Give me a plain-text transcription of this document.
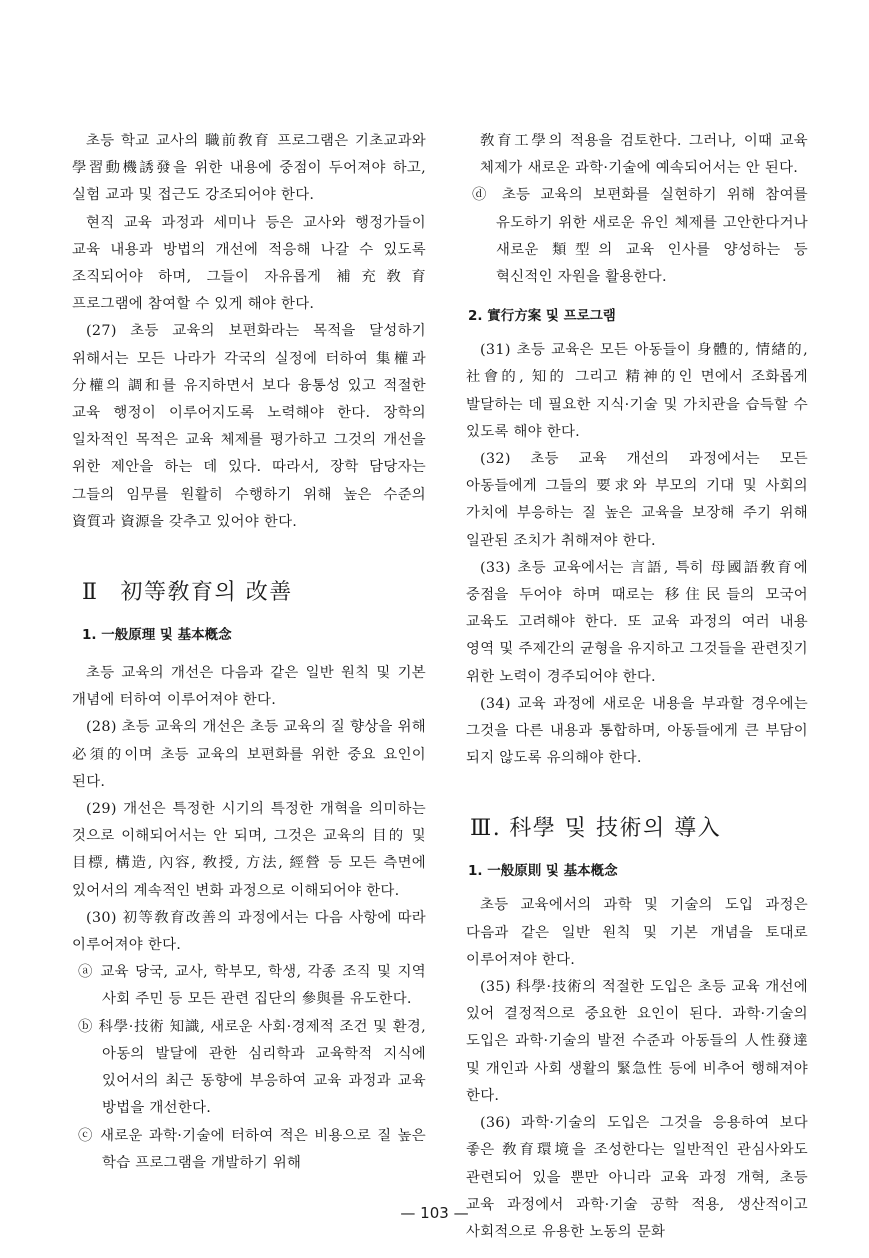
초등 학교 교사의 職前敎育 프로그램은 기초교과와 學習動機誘發을 위한 내용에 중점이 두어져야 하고, 실험 교과 및 접근도 강조되어야 한다.

현직 교육 과정과 세미나 등은 교사와 행정가들이 교육 내용과 방법의 개선에 적응해 나갈 수 있도록 조직되어야 하며, 그들이 자유롭게 補充敎育 프로그램에 참여할 수 있게 해야 한다.

(27) 초등 교육의 보편화라는 목적을 달성하기 위해서는 모든 나라가 각국의 실정에 터하여 集權과 分權의 調和를 유지하면서 보다 융통성 있고 적절한 교육 행정이 이루어지도록 노력해야 한다. 장학의 일차적인 목적은 교육 체제를 평가하고 그것의 개선을 위한 제안을 하는 데 있다. 따라서, 장학 담당자는 그들의 임무를 원활히 수행하기 위해 높은 수준의 資質과 資源을 갖추고 있어야 한다.

Ⅱ 初等敎育의 改善
1. 一般原理 및 基本槪念

초등 교육의 개선은 다음과 같은 일반 원칙 및 기본 개념에 터하여 이루어져야 한다.

(28) 초등 교육의 개선은 초등 교육의 질 향상을 위해 必須的이며 초등 교육의 보편화를 위한 중요 요인이 된다.

(29) 개선은 특정한 시기의 특정한 개혁을 의미하는 것으로 이해되어서는 안 되며, 그것은 교육의 目的 및 目標, 構造, 內容, 敎授, 方法, 經營 등 모든 측면에 있어서의 계속적인 변화 과정으로 이해되어야 한다.

(30) 初等敎育改善의 과정에서는 다음 사항에 따라 이루어져야 한다.

ⓐ 교육 당국, 교사, 학부모, 학생, 각종 조직 및 지역 사회 주민 등 모든 관련 집단의 參與를 유도한다.

ⓑ 科學·技術 知識, 새로운 사회·경제적 조건 및 환경, 아동의 발달에 관한 심리학과 교육학적 지식에 있어서의 최근 동향에 부응하여 교육 과정과 교육 방법을 개선한다.

ⓒ 새로운 과학·기술에 터하여 적은 비용으로 질 높은 학습 프로그램을 개발하기 위해

敎育工學의 적용을 검토한다. 그러나, 이때 교육 체제가 새로운 과학·기술에 예속되어서는 안 된다.

ⓓ 초등 교육의 보편화를 실현하기 위해 참여를 유도하기 위한 새로운 유인 체제를 고안한다거나 새로운 類型의 교육 인사를 양성하는 등 혁신적인 자원을 활용한다.

2. 實行方案 및 프로그램

(31) 초등 교육은 모든 아동들이 身體的, 情緖的, 社會的, 知的 그리고 精神的인 면에서 조화롭게 발달하는 데 필요한 지식·기술 및 가치관을 습득할 수 있도록 해야 한다.

(32) 초등 교육 개선의 과정에서는 모든 아동들에게 그들의 要求와 부모의 기대 및 사회의 가치에 부응하는 질 높은 교육을 보장해 주기 위해 일관된 조치가 취해져야 한다.

(33) 초등 교육에서는 言語, 특히 母國語敎育에 중점을 두어야 하며 때로는 移住民들의 모국어 교육도 고려해야 한다. 또 교육 과정의 여러 내용 영역 및 주제간의 균형을 유지하고 그것들을 관련짓기 위한 노력이 경주되어야 한다.

(34) 교육 과정에 새로운 내용을 부과할 경우에는 그것을 다른 내용과 통합하며, 아동들에게 큰 부담이 되지 않도록 유의해야 한다.

Ⅲ. 科學 및 技術의 導入
1. 一般原則 및 基本槪念

초등 교육에서의 과학 및 기술의 도입 과정은 다음과 같은 일반 원칙 및 기본 개념을 토대로 이루어져야 한다.

(35) 科學·技術의 적절한 도입은 초등 교육 개선에 있어 결정적으로 중요한 요인이 된다. 과학·기술의 도입은 과학·기술의 발전 수준과 아동들의 人性發達 및 개인과 사회 생활의 緊急性 등에 비추어 행해져야 한다.

(36) 과학·기술의 도입은 그것을 응용하여 보다 좋은 敎育環境을 조성한다는 일반적인 관심사와도 관련되어 있을 뿐만 아니라 교육 과정 개혁, 초등 교육 과정에서 과학·기술 공학 적용, 생산적이고 사회적으로 유용한 노동의 문화

— 103 —
